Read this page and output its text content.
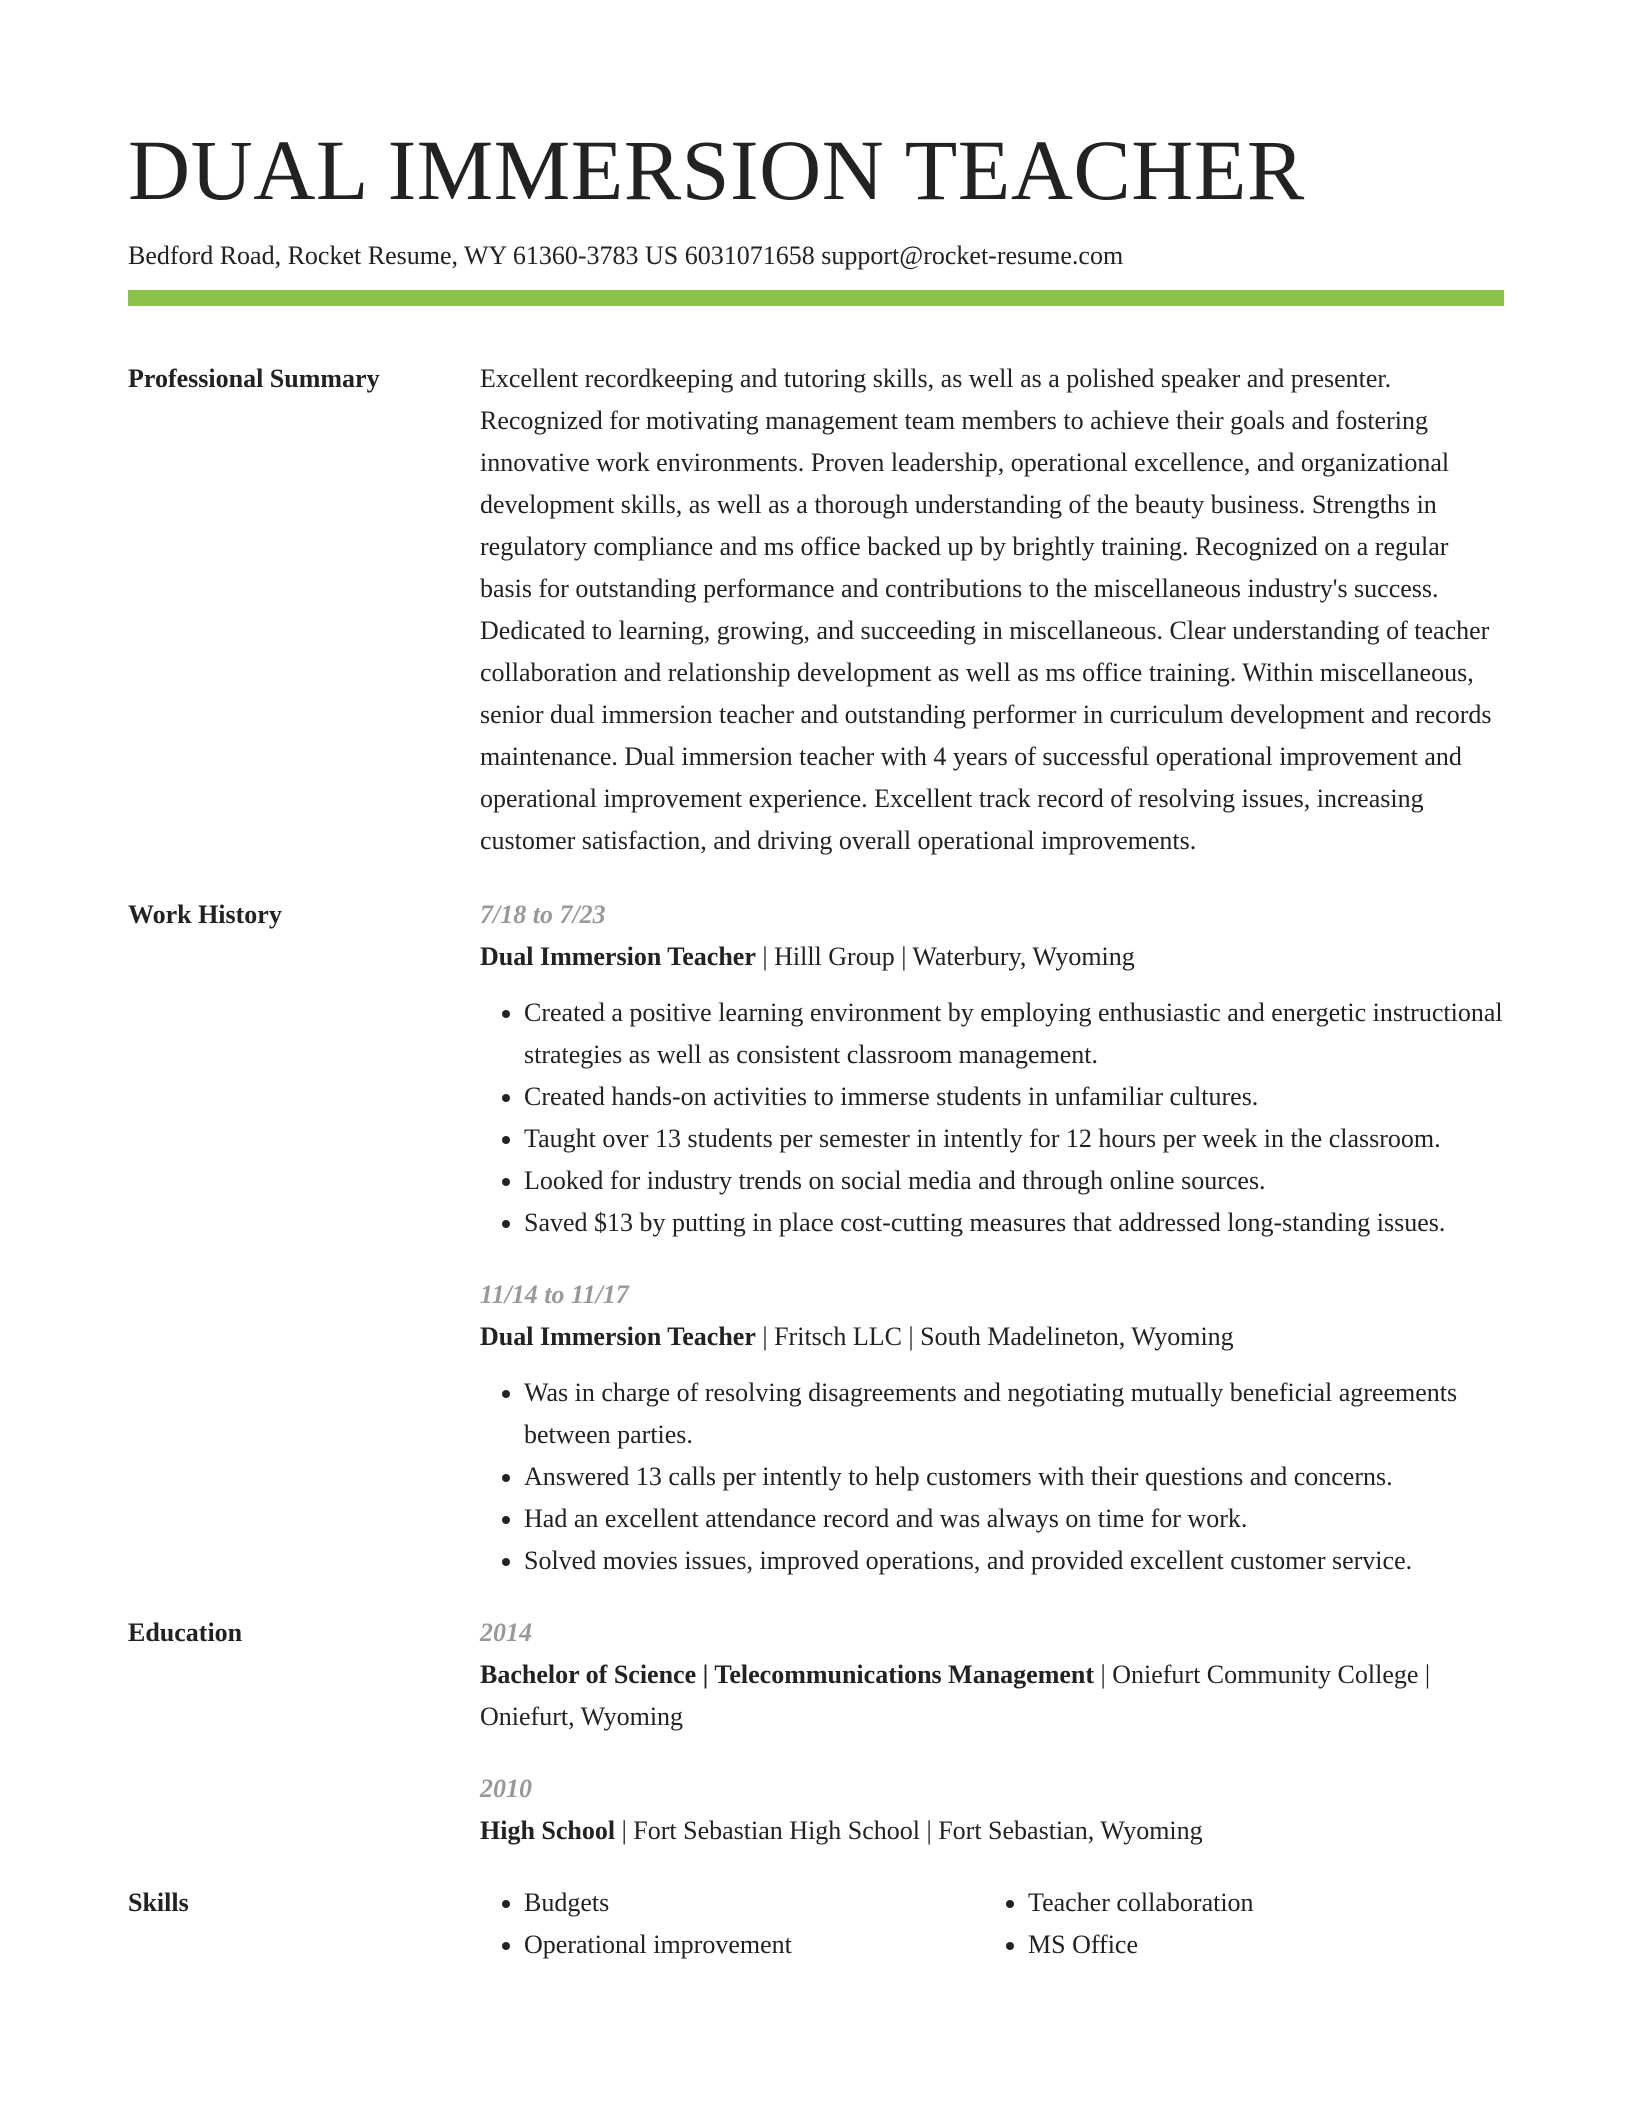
DUAL IMMERSION TEACHER
Bedford Road, Rocket Resume, WY 61360-3783 US 6031071658 support@rocket-resume.com
Professional Summary	Excellent recordkeeping and tutoring skills, as well as a polished speaker and presenter. Recognized for motivating management team members to achieve their goals and fostering innovative work environments. Proven leadership, operational excellence, and organizational development skills, as well as a thorough understanding of the beauty business. Strengths in regulatory compliance and ms office backed up by brightly training. Recognized on a regular basis for outstanding performance and contributions to the miscellaneous industry's success. Dedicated to learning, growing, and succeeding in miscellaneous. Clear understanding of teacher collaboration and relationship development as well as ms office training. Within miscellaneous, senior dual immersion teacher and outstanding performer in curriculum development and records maintenance. Dual immersion teacher with 4 years of successful operational improvement and operational improvement experience. Excellent track record of resolving issues, increasing customer satisfaction, and driving overall operational improvements.

Work History	7/18 to 7/23
Dual Immersion Teacher | Hilll Group | Waterbury, Wyoming
• Created a positive learning environment by employing enthusiastic and energetic instructional strategies as well as consistent classroom management.
• Created hands-on activities to immerse students in unfamiliar cultures.
• Taught over 13 students per semester in intently for 12 hours per week in the classroom.
• Looked for industry trends on social media and through online sources.
• Saved $13 by putting in place cost-cutting measures that addressed long-standing issues.
11/14 to 11/17
Dual Immersion Teacher | Fritsch LLC | South Madelineton, Wyoming
• Was in charge of resolving disagreements and negotiating mutually beneficial agreements between parties.
• Answered 13 calls per intently to help customers with their questions and concerns.
• Had an excellent attendance record and was always on time for work.
• Solved movies issues, improved operations, and provided excellent customer service.
Education	2014
Bachelor of Science | Telecommunications Management | Oniefurt Community College | Oniefurt, Wyoming
2010
High School | Fort Sebastian High School | Fort Sebastian, Wyoming
Skills
•	Budgets
• Operational improvement
• Teacher collaboration
• MS Office
